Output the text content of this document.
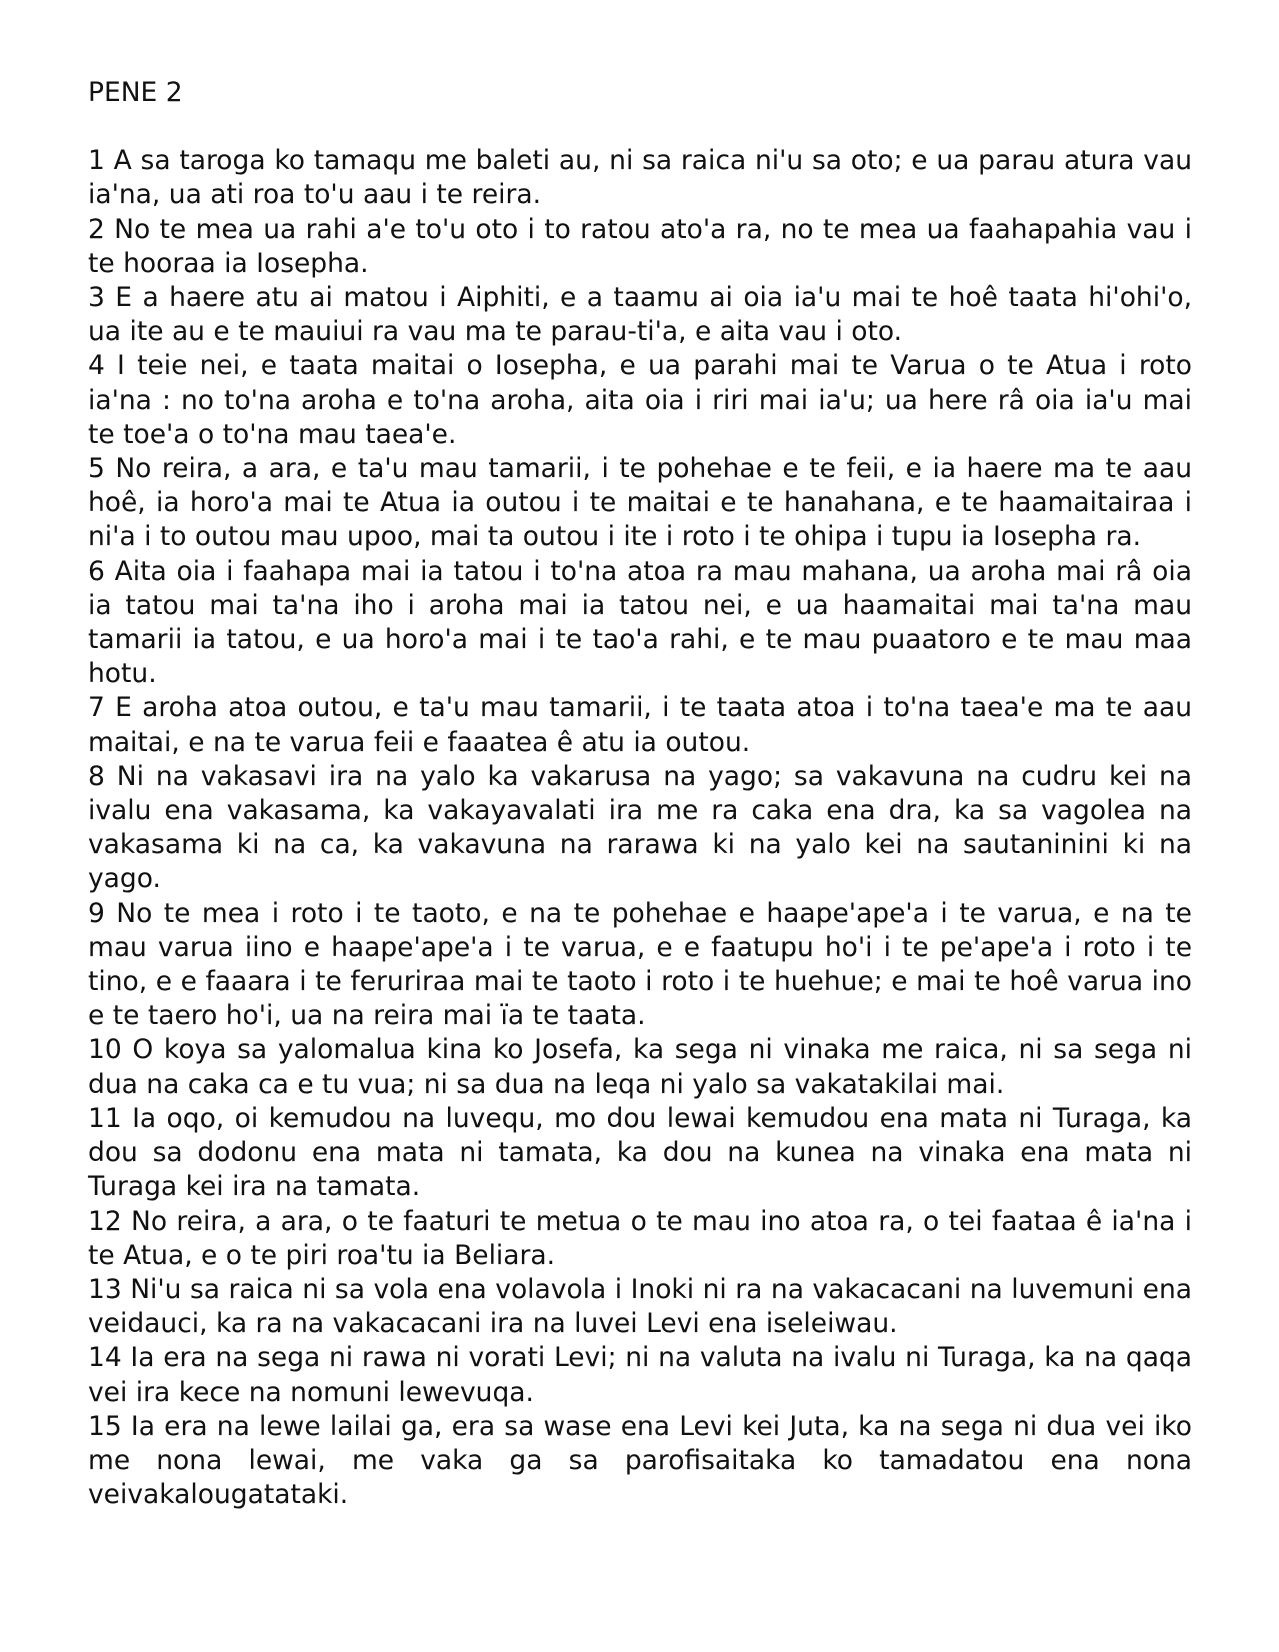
PENE 2

1 A sa taroga ko tamaqu me baleti au, ni sa raica ni'u sa oto; e ua parau atura vau ia'na, ua ati roa to'u aau i te reira.

2 No te mea ua rahi a'e to'u oto i to ratou ato'a ra, no te mea ua faahapahia vau i te hooraa ia Iosepha.

3 E a haere atu ai matou i Aiphiti, e a taamu ai oia ia'u mai te hoê taata hi'ohi'o, ua ite au e te mauiui ra vau ma te parau-ti'a, e aita vau i oto.

4 I teie nei, e taata maitai o Iosepha, e ua parahi mai te Varua o te Atua i roto ia'na : no to'na aroha e to'na aroha, aita oia i riri mai ia'u; ua here râ oia ia'u mai te toe'a o to'na mau taea'e.

5 No reira, a ara, e ta'u mau tamarii, i te pohehae e te feii, e ia haere ma te aau hoê, ia horo'a mai te Atua ia outou i te maitai e te hanahana, e te haamaitairaa i ni'a i to outou mau upoo, mai ta outou i ite i roto i te ohipa i tupu ia Iosepha ra.

6 Aita oia i faahapa mai ia tatou i to'na atoa ra mau mahana, ua aroha mai râ oia ia tatou mai ta'na iho i aroha mai ia tatou nei, e ua haamaitai mai ta'na mau tamarii ia tatou, e ua horo'a mai i te tao'a rahi, e te mau puaatoro e te mau maa hotu.

7 E aroha atoa outou, e ta'u mau tamarii, i te taata atoa i to'na taea'e ma te aau maitai, e na te varua feii e faaatea ê atu ia outou.

8 Ni na vakasavi ira na yalo ka vakarusa na yago; sa vakavuna na cudru kei na ivalu ena vakasama, ka vakayavalati ira me ra caka ena dra, ka sa vagolea na vakasama ki na ca, ka vakavuna na rarawa ki na yalo kei na sautaninini ki na yago.

9 No te mea i roto i te taoto, e na te pohehae e haape'ape'a i te varua, e na te mau varua iino e haape'ape'a i te varua, e e faatupu ho'i i te pe'ape'a i roto i te tino, e e faaara i te feruriraa mai te taoto i roto i te huehue; e mai te hoê varua ino e te taero ho'i, ua na reira mai ïa te taata.

10 O koya sa yalomalua kina ko Josefa, ka sega ni vinaka me raica, ni sa sega ni dua na caka ca e tu vua; ni sa dua na leqa ni yalo sa vakatakilai mai.

11 Ia oqo, oi kemudou na luvequ, mo dou lewai kemudou ena mata ni Turaga, ka dou sa dodonu ena mata ni tamata, ka dou na kunea na vinaka ena mata ni Turaga kei ira na tamata.

12 No reira, a ara, o te faaturi te metua o te mau ino atoa ra, o tei faataa ê ia'na i te Atua, e o te piri roa'tu ia Beliara.

13 Ni'u sa raica ni sa vola ena volavola i Inoki ni ra na vakacacani na luvemuni ena veidauci, ka ra na vakacacani ira na luvei Levi ena iseleiwau.

14 Ia era na sega ni rawa ni vorati Levi; ni na valuta na ivalu ni Turaga, ka na qaqa vei ira kece na nomuni lewevuqa.

15 Ia era na lewe lailai ga, era sa wase ena Levi kei Juta, ka na sega ni dua vei iko me nona lewai, me vaka ga sa parofisaitaka ko tamadatou ena nona veivakalougatataki.
